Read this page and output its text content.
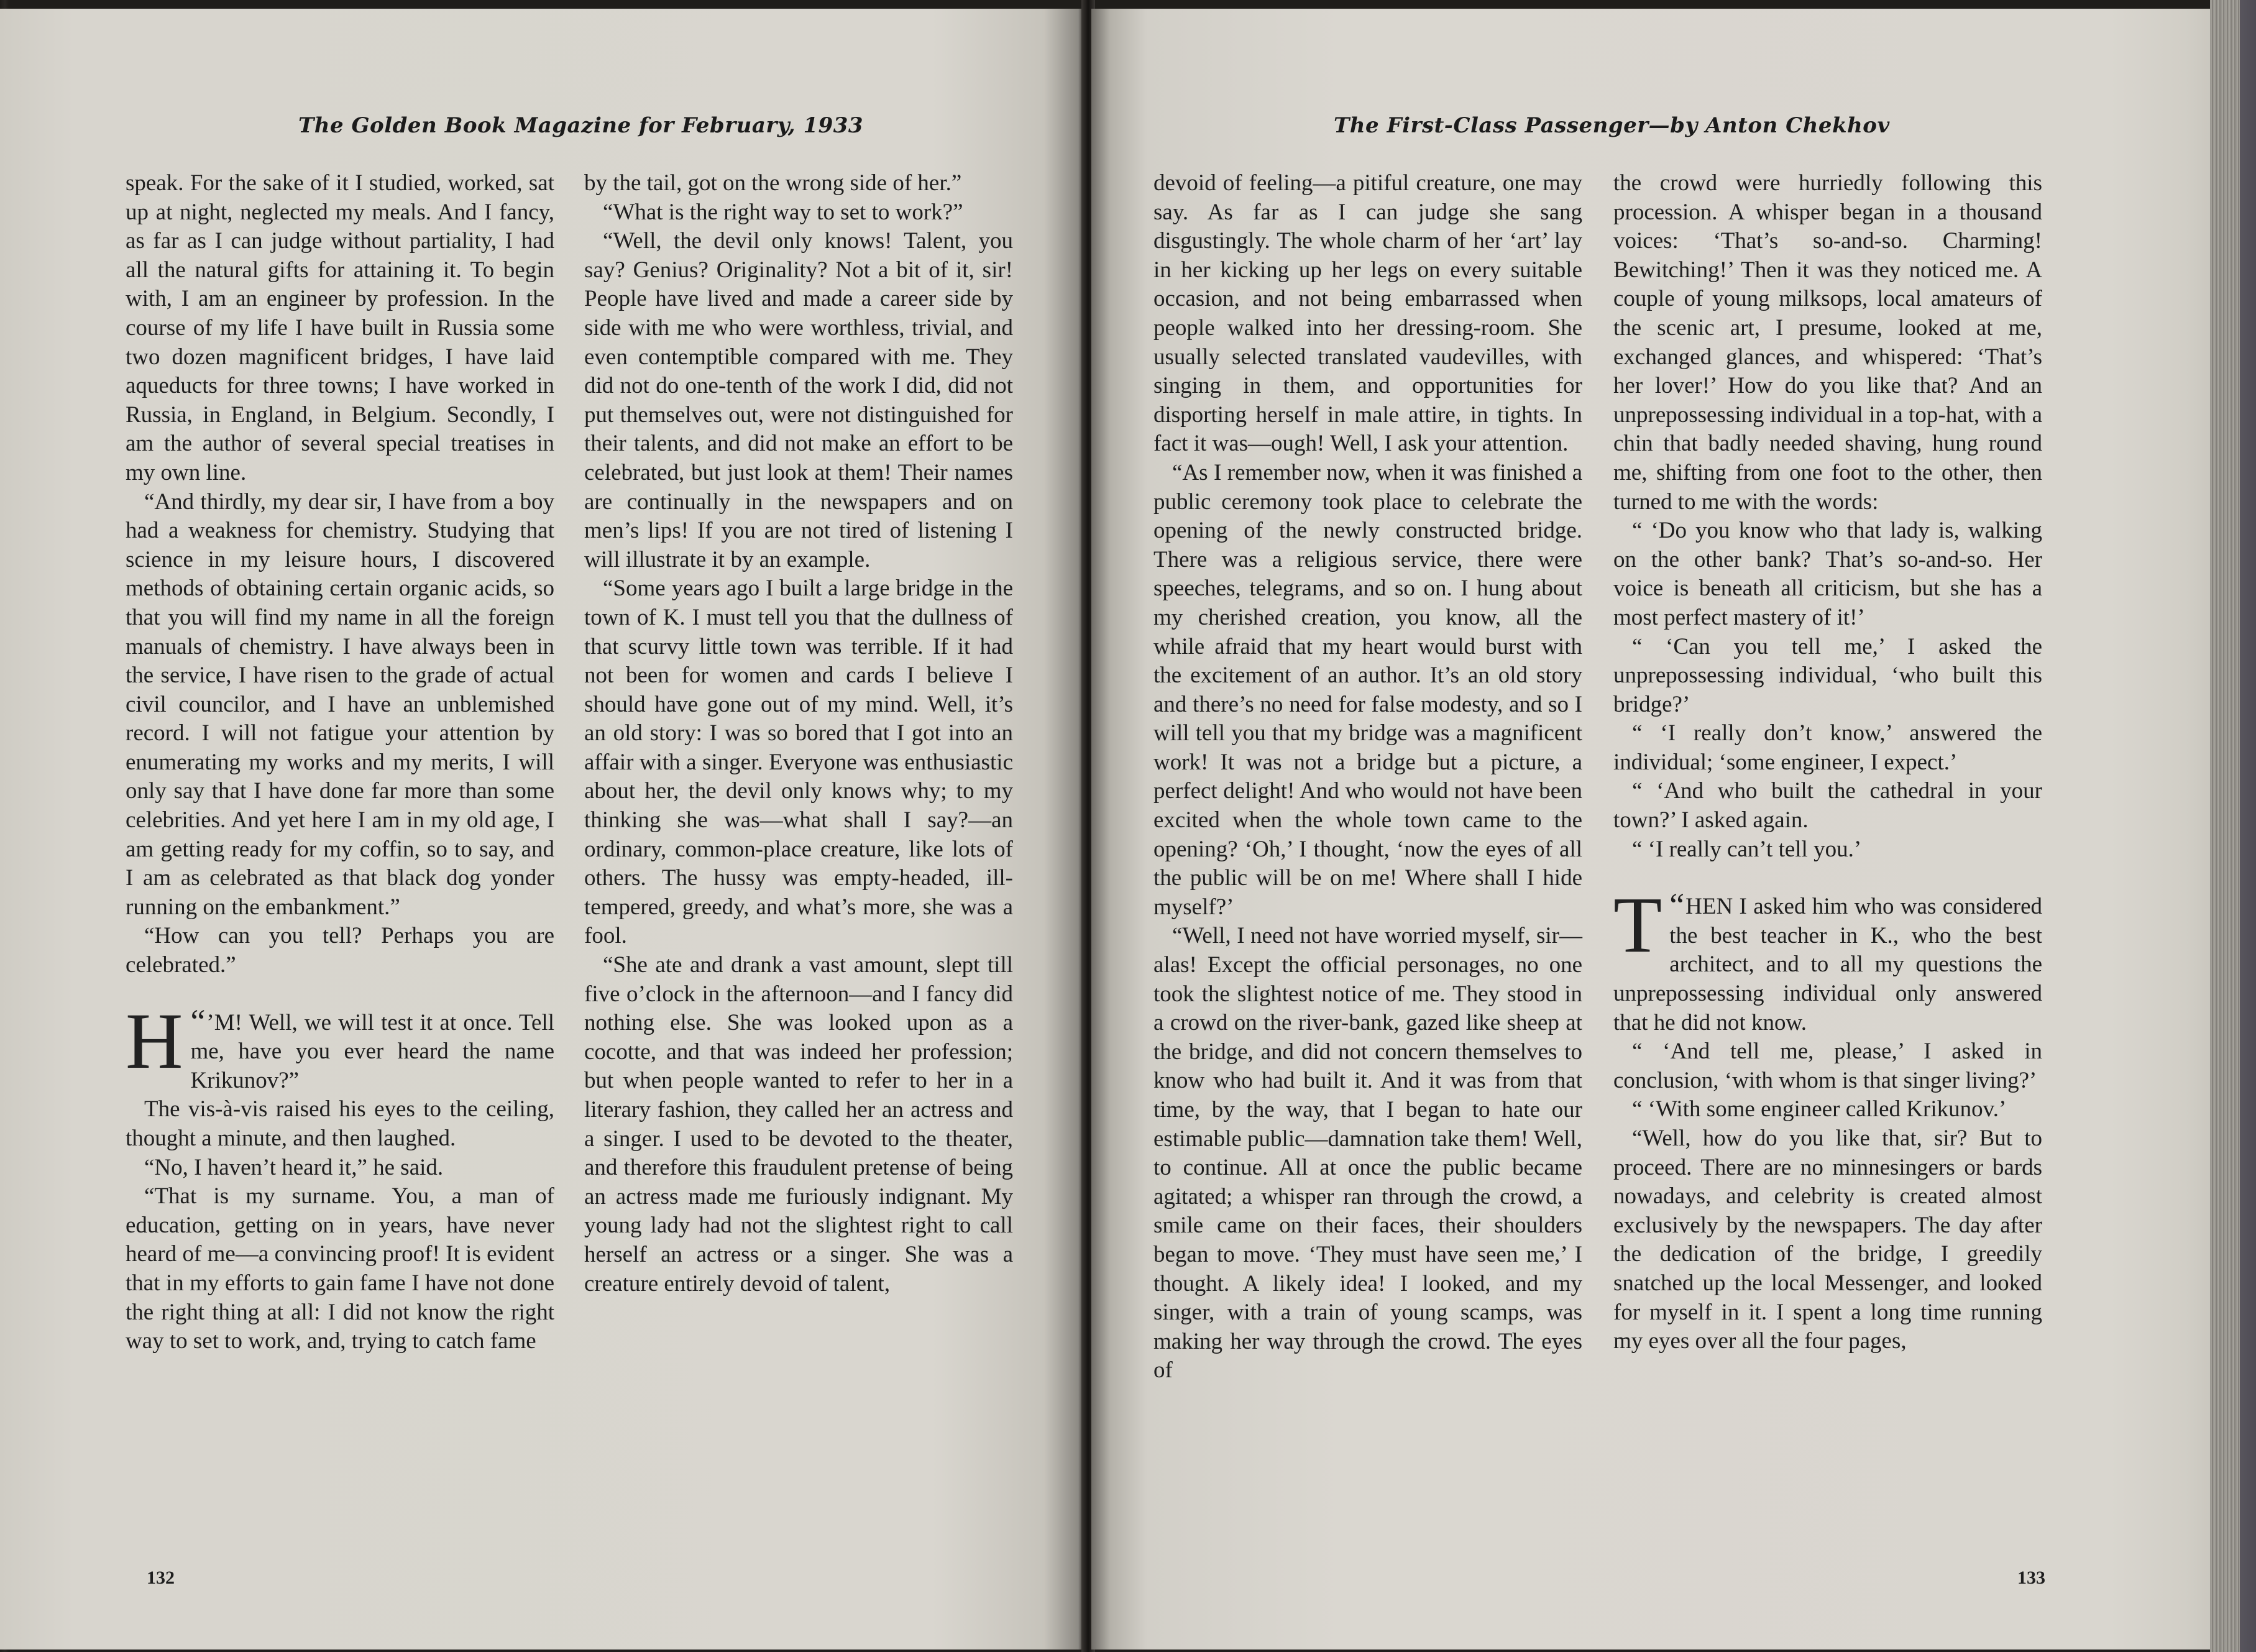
The Golden Book Magazine for February, 1933

speak. For the sake of it I studied, worked, sat up at night, neglected my meals. And I fancy, as far as I can judge without partiality, I had all the natural gifts for attaining it. To begin with, I am an engineer by profession. In the course of my life I have built in Russia some two dozen magnificent bridges, I have laid aqueducts for three towns; I have worked in Russia, in England, in Belgium. Secondly, I am the author of several special treatises in my own line.

“And thirdly, my dear sir, I have from a boy had a weakness for chemistry. Studying that science in my leisure hours, I discovered methods of obtaining certain organic acids, so that you will find my name in all the foreign manuals of chemistry. I have always been in the service, I have risen to the grade of actual civil councilor, and I have an unblemished record. I will not fatigue your attention by enumerating my works and my merits, I will only say that I have done far more than some celebrities. And yet here I am in my old age, I am getting ready for my coffin, so to say, and I am as celebrated as that black dog yonder running on the embankment.”

“How can you tell? Perhaps you are celebrated.”

“
H ’M! Well, we will test it at once. Tell me, have you ever heard the name Krikunov?”

The vis-à-vis raised his eyes to the ceiling, thought a minute, and then laughed.

“No, I haven’t heard it,” he said.

“That is my surname. You, a man of education, getting on in years, have never heard of me—a convincing proof! It is evident that in my efforts to gain fame I have not done the right thing at all: I did not know the right way to set to work, and, trying to catch fame

by the tail, got on the wrong side of her.”

“What is the right way to set to work?”

“Well, the devil only knows! Talent, you say? Genius? Originality? Not a bit of it, sir! People have lived and made a career side by side with me who were worthless, trivial, and even contemptible compared with me. They did not do one-tenth of the work I did, did not put themselves out, were not distinguished for their talents, and did not make an effort to be celebrated, but just look at them! Their names are continually in the newspapers and on men’s lips! If you are not tired of listening I will illustrate it by an example.

“Some years ago I built a large bridge in the town of K. I must tell you that the dullness of that scurvy little town was terrible. If it had not been for women and cards I believe I should have gone out of my mind. Well, it’s an old story: I was so bored that I got into an affair with a singer. Everyone was enthusiastic about her, the devil only knows why; to my thinking she was—what shall I say?—an ordinary, common-place creature, like lots of others. The hussy was empty-headed, ill-tempered, greedy, and what’s more, she was a fool.

“She ate and drank a vast amount, slept till five o’clock in the afternoon—and I fancy did nothing else. She was looked upon as a cocotte, and that was indeed her profession; but when people wanted to refer to her in a literary fashion, they called her an actress and a singer. I used to be devoted to the theater, and therefore this fraudulent pretense of being an actress made me furiously indignant. My young lady had not the slightest right to call herself an actress or a singer. She was a creature entirely devoid of talent,

132
The First-Class Passenger—by Anton Chekhov

devoid of feeling—a pitiful creature, one may say. As far as I can judge she sang disgustingly. The whole charm of her ‘art’ lay in her kicking up her legs on every suitable occasion, and not being embarrassed when people walked into her dressing-room. She usually selected translated vaudevilles, with singing in them, and opportunities for disporting herself in male attire, in tights. In fact it was—ough! Well, I ask your attention.

“As I remember now, when it was finished a public ceremony took place to celebrate the opening of the newly constructed bridge. There was a religious service, there were speeches, telegrams, and so on. I hung about my cherished creation, you know, all the while afraid that my heart would burst with the excitement of an author. It’s an old story and there’s no need for false modesty, and so I will tell you that my bridge was a magnificent work! It was not a bridge but a picture, a perfect delight! And who would not have been excited when the whole town came to the opening? ‘Oh,’ I thought, ‘now the eyes of all the public will be on me! Where shall I hide myself?’

“Well, I need not have worried myself, sir—alas! Except the official personages, no one took the slightest notice of me. They stood in a crowd on the river-bank, gazed like sheep at the bridge, and did not concern themselves to know who had built it. And it was from that time, by the way, that I began to hate our estimable public—damnation take them! Well, to continue. All at once the public became agitated; a whisper ran through the crowd, a smile came on their faces, their shoulders began to move. ‘They must have seen me,’ I thought. A likely idea! I looked, and my singer, with a train of young scamps, was making her way through the crowd. The eyes of

the crowd were hurriedly following this procession. A whisper began in a thousand voices: ‘That’s so-and-so. Charming! Bewitching!’ Then it was they noticed me. A couple of young milksops, local amateurs of the scenic art, I presume, looked at me, exchanged glances, and whispered: ‘That’s her lover!’ How do you like that? And an unprepossessing individual in a top-hat, with a chin that badly needed shaving, hung round me, shifting from one foot to the other, then turned to me with the words:

“ ‘Do you know who that lady is, walking on the other bank? That’s so-and-so. Her voice is beneath all criticism, but she has a most perfect mastery of it!’

“ ‘Can you tell me,’ I asked the unprepossessing individual, ‘who built this bridge?’

“ ‘I really don’t know,’ answered the individual; ‘some engineer, I expect.’

“ ‘And who built the cathedral in your town?’ I asked again.

“ ‘I really can’t tell you.’

“
T HEN I asked him who was considered the best teacher in K., who the best architect, and to all my questions the unprepossessing individual only answered that he did not know.

“ ‘And tell me, please,’ I asked in conclusion, ‘with whom is that singer living?’

“ ‘With some engineer called Krikunov.’

“Well, how do you like that, sir? But to proceed. There are no minnesingers or bards nowadays, and celebrity is created almost exclusively by the newspapers. The day after the dedication of the bridge, I greedily snatched up the local Messenger, and looked for myself in it. I spent a long time running my eyes over all the four pages,

133
